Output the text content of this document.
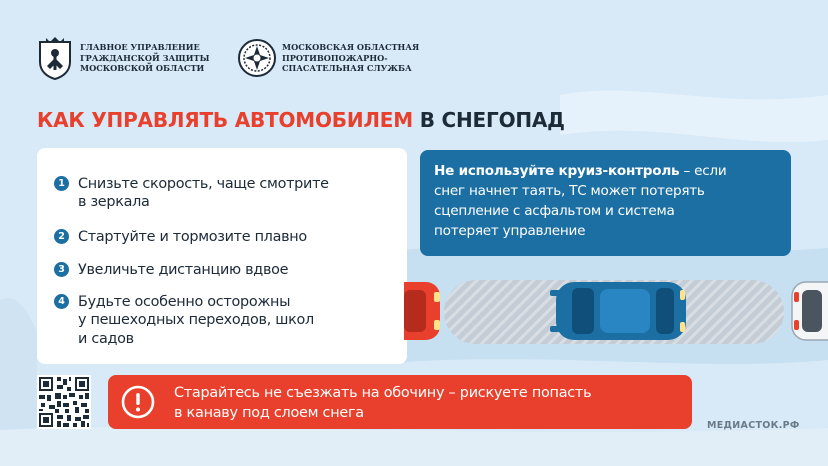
ГЛАВНОЕ УПРАВЛЕНИЕ
ГРАЖДАНСКОЙ ЗАЩИТЫ
МОСКОВСКОЙ ОБЛАСТИ
МОСКОВСКАЯ ОБЛАСТНАЯ
ПРОТИВОПОЖАРНО-
СПАСАТЕЛЬНАЯ СЛУЖБА
КАК УПРАВЛЯТЬ АВТОМОБИЛЕМ В СНЕГОПАД
1 Снизьте скорость, чаще смотрите
в зеркала
2 Стартуйте и тормозите плавно
3 Увеличьте дистанцию вдвое
4 Будьте особенно осторожны
у пешеходных переходов, школ
и садов
Не используйте круиз-контроль – если
снег начнет таять, ТС может потерять
сцепление с асфальтом и система
потеряет управление
Старайтесь не съезжать на обочину – рискуете попасть
в канаву под слоем снега
МЕДИАСТОК.РФ
